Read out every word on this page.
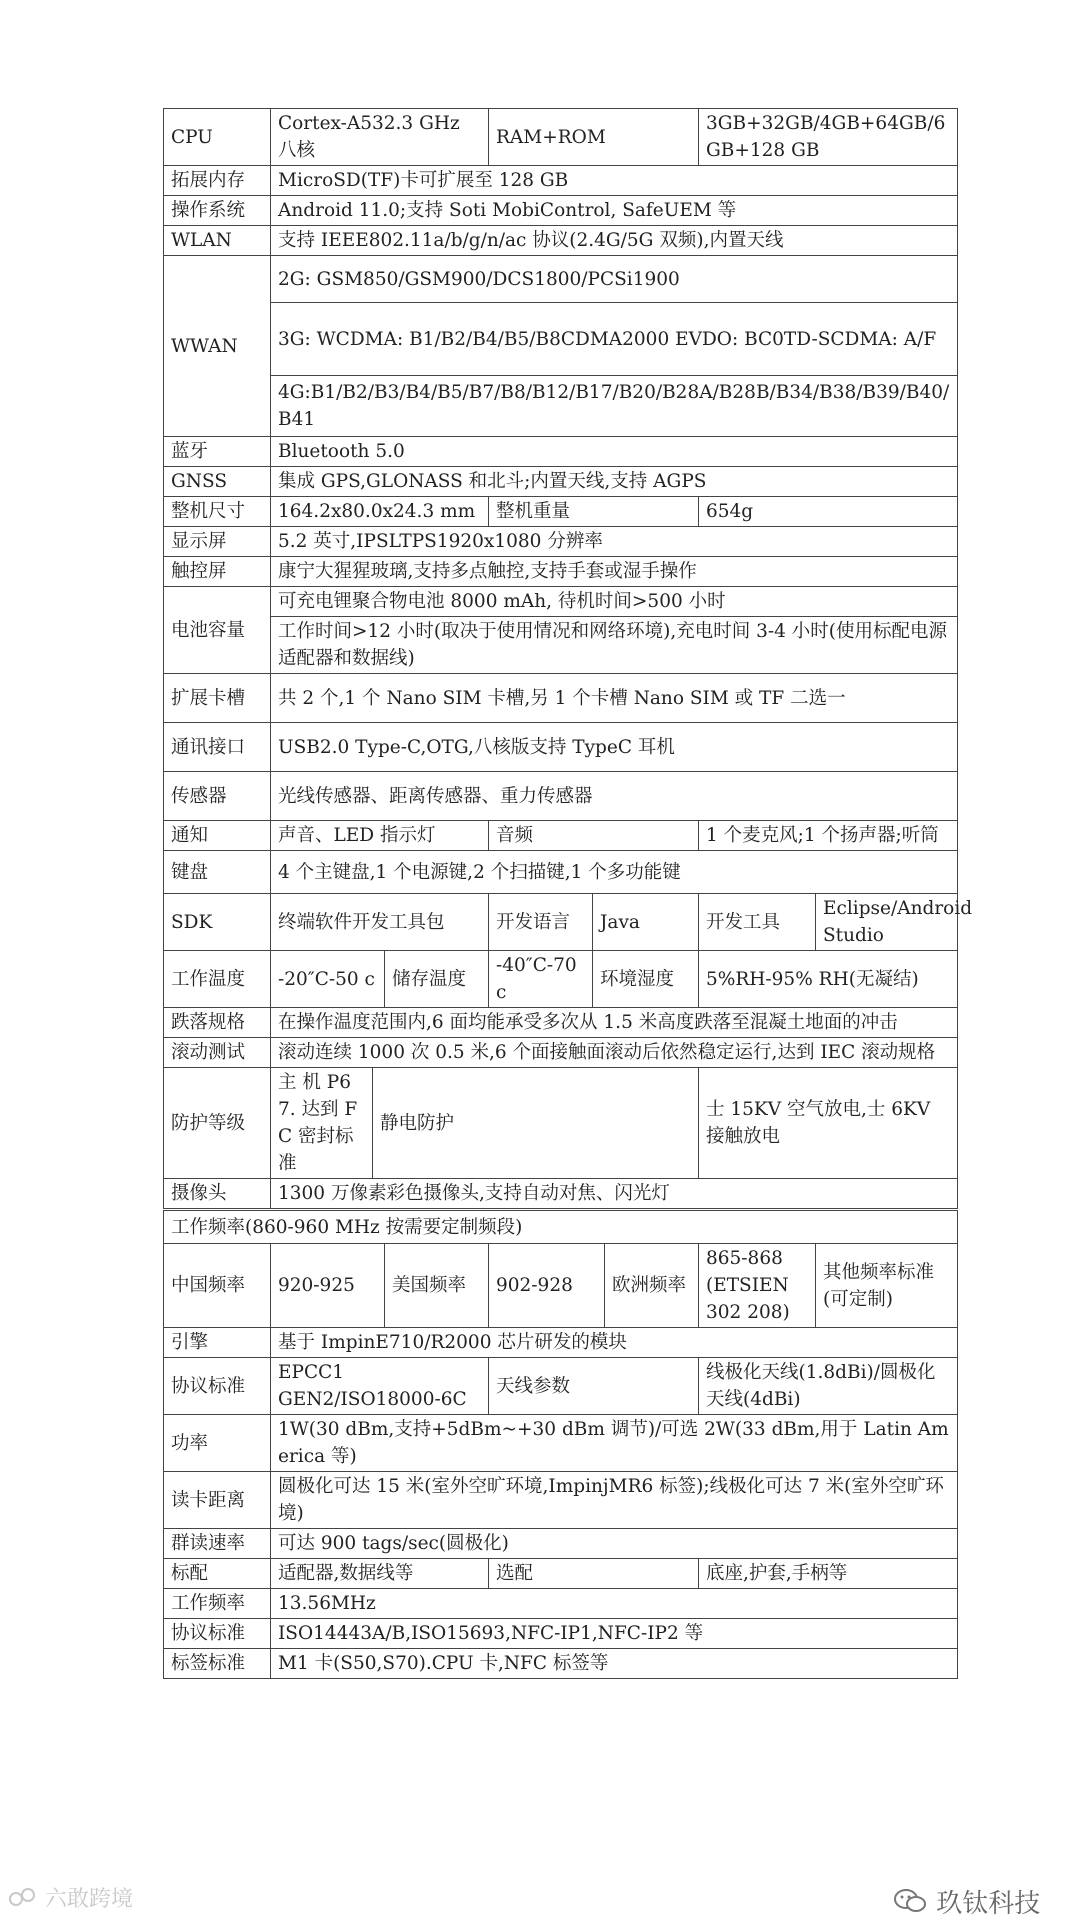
CPU	Cortex-A532.3 GHz 八核			RAM+ROM			3GB+32GB/4GB+64GB/6GB+128 GB	
拓展内存	MicroSD(TF)卡可扩展至 128 GB							
操作系统	Android 11.0;支持 Soti MobiControl, SafeUEM 等							
WLAN	支持 IEEE802.11a/b/g/n/ac 协议(2.4G/5G 双频),内置天线							
WWAN	2G: GSM850/GSM900/DCS1800/PCSi1900							
	3G: WCDMA: B1/B2/B4/B5/B8CDMA2000 EVDO: BC0TD-SCDMA: A/F							
	4G:B1/B2/B3/B4/B5/B7/B8/B12/B17/B20/B28A/B28B/B34/B38/B39/B40/B41							
蓝牙	Bluetooth 5.0							
GNSS	集成 GPS,GLONASS 和北斗;内置天线,支持 AGPS							
整机尺寸	164.2x80.0x24.3 mm			整机重量			654g	
显示屏	5.2 英寸,IPSLTPS1920x1080 分辨率							
触控屏	康宁大猩猩玻璃,支持多点触控,支持手套或湿手操作							
电池容量	可充电锂聚合物电池 8000 mAh, 待机时间>500 小时							
	工作时间>12 小时(取决于使用情况和网络环境),充电时间 3-4 小时(使用标配电源适配器和数据线)							
扩展卡槽	共 2 个,1 个 Nano SIM 卡槽,另 1 个卡槽 Nano SIM 或 TF 二选一							
通讯接口	USB2.0 Type-C,OTG,八核版支持 TypeC 耳机							
传感器	光线传感器、距离传感器、重力传感器							
通知	声音、LED 指示灯			音频			1 个麦克风;1 个扬声器;听筒	
键盘	4 个主键盘,1 个电源键,2 个扫描键,1 个多功能键							
SDK	终端软件开发工具包			开发语言	Java		开发工具	Eclipse/Android Studio
工作温度	-20″C-50 c		储存温度	-40″C-70 c	环境湿度		5%RH-95% RH(无凝结)	
跌落规格	在操作温度范围内,6 面均能承受多次从 1.5 米高度跌落至混凝土地面的冲击							
滚动测试	滚动连续 1000 次 0.5 米,6 个面接触面滚动后依然稳定运行,达到 IEC 滚动规格							
防护等级	主 机 P67. 达到 FC 密封标准	静电防护					士 15KV 空气放电,士 6KV 接触放电	
摄像头	1300 万像素彩色摄像头,支持自动对焦、闪光灯							
工作频率(860-960 MHz 按需要定制频段)								
中国频率	920-925		美国频率	902-928		欧洲频率	865-868 (ETSIEN 302 208)	其他频率标准(可定制)
引擎	基于 ImpinE710/R2000 芯片研发的模块							
协议标准	EPCC1 GEN2/ISO18000-6C			天线参数			线极化天线(1.8dBi)/圆极化天线(4dBi)	
功率	1W(30 dBm,支持+5dBm~+30 dBm 调节)/可选 2W(33 dBm,用于 Latin America 等)							
读卡距离	圆极化可达 15 米(室外空旷环境,ImpinjMR6 标签);线极化可达 7 米(室外空旷环境)							
群读速率	可达 900 tags/sec(圆极化)							
标配	适配器,数据线等			选配			底座,护套,手柄等	
工作频率	13.56MHz							
协议标准	ISO14443A/B,ISO15693,NFC-IP1,NFC-IP2 等							
标签标准	M1 卡(S50,S70).CPU 卡,NFC 标签等							
六敢跨境	玖钛科技
